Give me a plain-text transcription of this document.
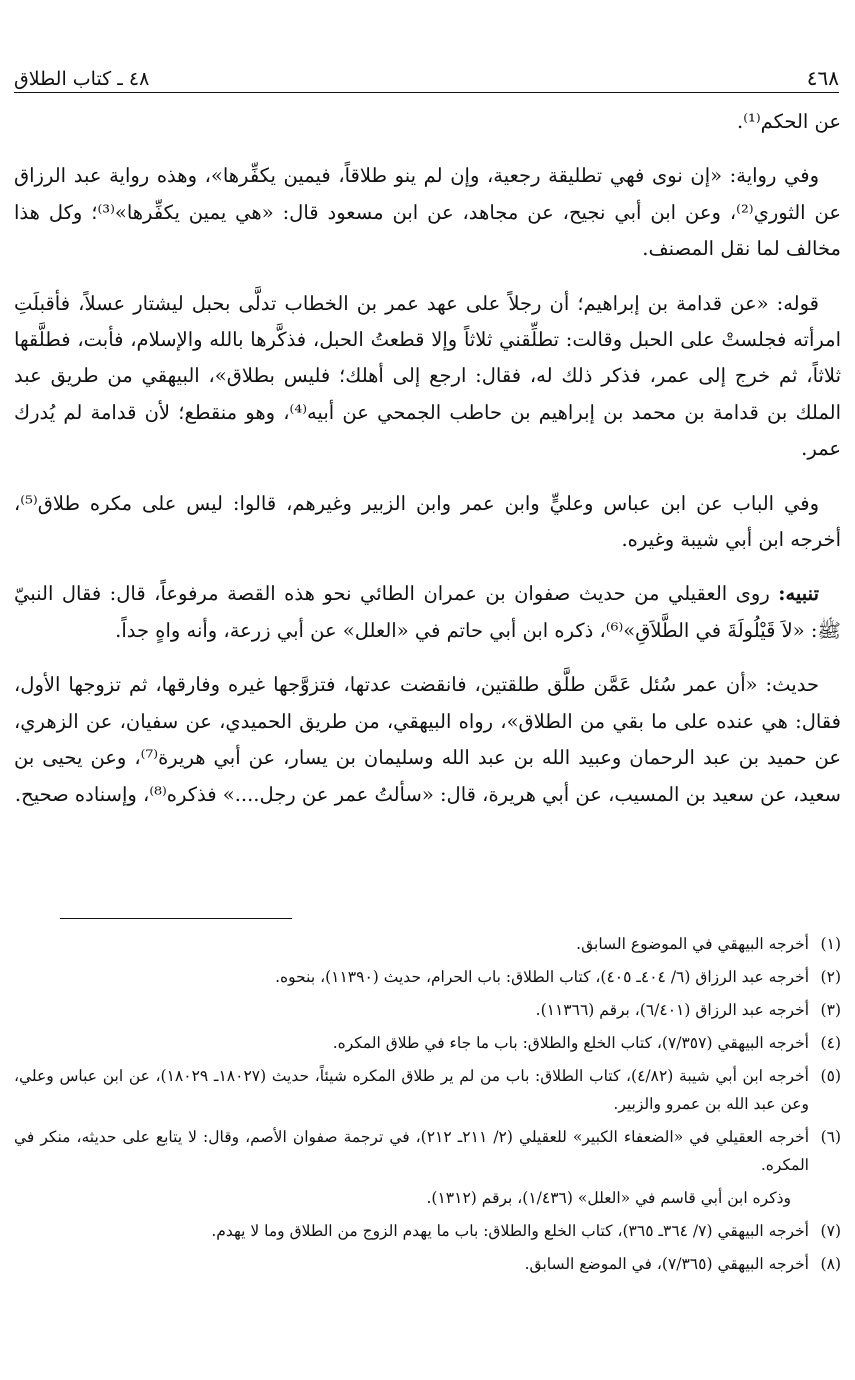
٤٦٨
٤٨ ـ كتاب الطلاق

عن الحكم⁽¹⁾.

وفي رواية: «إن نوى فهي تطليقة رجعية، وإن لم ينو طلاقاً، فيمين يكفِّرها»، وهذه رواية عبد الرزاق عن الثوري⁽²⁾، وعن ابن أبي نجيح، عن مجاهد، عن ابن مسعود قال: «هي يمين يكفِّرها»⁽³⁾؛ وكل هذا مخالف لما نقل المصنف.

قوله: «عن قدامة بن إبراهيم؛ أن رجلاً على عهد عمر بن الخطاب تدلَّى بحبل ليشتار عسلاً، فأقبلَتِ امرأته فجلستْ على الحبل وقالت: تطلِّقني ثلاثاً وإلا قطعتُ الحبل، فذكَّرها بالله والإسلام، فأبت، فطلَّقها ثلاثاً، ثم خرج إلى عمر، فذكر ذلك له، فقال: ارجع إلى أهلك؛ فليس بطلاق»، البيهقي من طريق عبد الملك بن قدامة بن محمد بن إبراهيم بن حاطب الجمحي عن أبيه⁽⁴⁾، وهو منقطع؛ لأن قدامة لم يُدرك عمر.

وفي الباب عن ابن عباس وعليٍّ وابن عمر وابن الزبير وغيرهم، قالوا: ليس على مكره طلاق⁽⁵⁾، أخرجه ابن أبي شيبة وغيره.

تنبيه: روى العقيلي من حديث صفوان بن عمران الطائي نحو هذه القصة مرفوعاً، قال: فقال النبيّ ﷺ: «لاَ قَيْلُولَةَ في الطَّلاَقِ»⁽⁶⁾، ذكره ابن أبي حاتم في «العلل» عن أبي زرعة، وأنه واهٍ جداً.

حديث: «أن عمر سُئل عَمَّن طلَّق طلقتين، فانقضت عدتها، فتزوَّجها غيره وفارقها، ثم تزوجها الأول، فقال: هي عنده على ما بقي من الطلاق»، رواه البيهقي، من طريق الحميدي، عن سفيان، عن الزهري، عن حميد بن عبد الرحمان وعبيد الله بن عبد الله وسليمان بن يسار، عن أبي هريرة⁽⁷⁾، وعن يحيى بن سعيد، عن سعيد بن المسيب، عن أبي هريرة، قال: «سألتُ عمر عن رجل....» فذكره⁽⁸⁾، وإسناده صحيح.

(١)أخرجه البيهقي في الموضوع السابق.
(٢)أخرجه عبد الرزاق (٦/ ٤٠٤ـ ٤٠٥)، كتاب الطلاق: باب الحرام، حديث (١١٣٩٠)، بنحوه.
(٣)أخرجه عبد الرزاق (٦/٤٠١)، برقم (١١٣٦٦).
(٤)أخرجه البيهقي (٧/٣٥٧)، كتاب الخلع والطلاق: باب ما جاء في طلاق المكره.
(٥)أخرجه ابن أبي شيبة (٤/٨٢)، كتاب الطلاق: باب من لم ير طلاق المكره شيئاً، حديث (١٨٠٢٧ـ ١٨٠٢٩)، عن ابن عباس وعلي، وعن عبد الله بن عمرو والزبير.
(٦)أخرجه العقيلي في «الضعفاء الكبير» للعقيلي (٢/ ٢١١ـ ٢١٢)، في ترجمة صفوان الأصم، وقال: لا يتابع على حديثه، منكر في المكره.
وذكره ابن أبي قاسم في «العلل» (١/٤٣٦)، برقم (١٣١٢).
(٧)أخرجه البيهقي (٧/ ٣٦٤ـ ٣٦٥)، كتاب الخلع والطلاق: باب ما يهدم الزوج من الطلاق وما لا يهدم.
(٨)أخرجه البيهقي (٧/٣٦٥)، في الموضع السابق.
